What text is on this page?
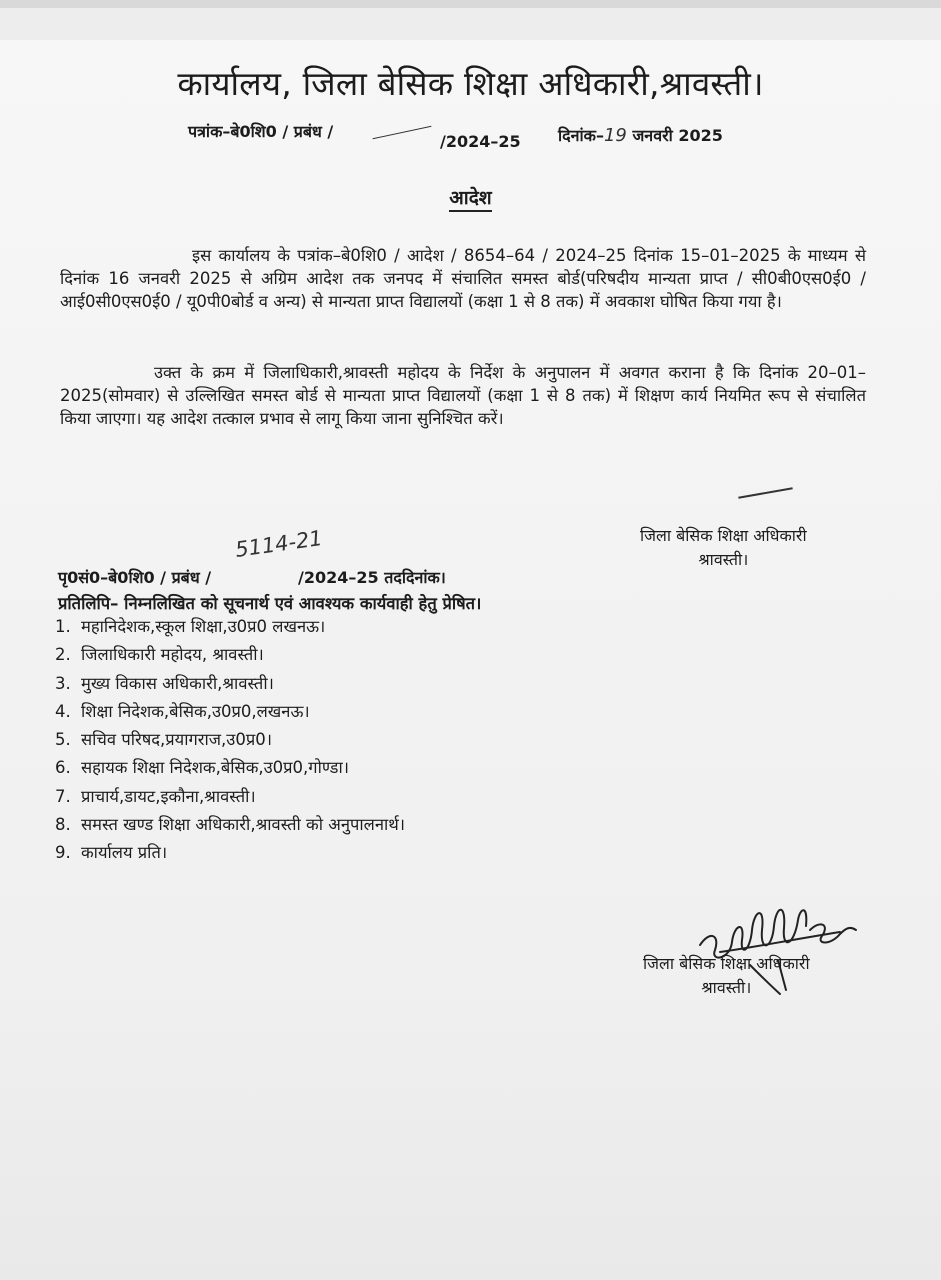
कार्यालय, जिला बेसिक शिक्षा अधिकारी,श्रावस्ती।
पत्रांक–बे0शि0 / प्रबंध /
/2024–25 दिनांक–19 जनवरी 2025
आदेश

इस कार्यालय के पत्रांक–बे0शि0 / आदेश / 8654–64 / 2024–25 दिनांक 15–01–2025 के माध्यम से दिनांक 16 जनवरी 2025 से अग्रिम आदेश तक जनपद में संचालित समस्त बोर्ड(परिषदीय मान्यता प्राप्त / सी0बी0एस0ई0 / आई0सी0एस0ई0 / यू0पी0बोर्ड व अन्य) से मान्यता प्राप्त विद्यालयों (कक्षा 1 से 8 तक) में अवकाश घोषित किया गया है।

उक्त के क्रम में जिलाधिकारी,श्रावस्ती महोदय के निर्देश के अनुपालन में अवगत कराना है कि दिनांक 20–01–2025(सोमवार) से उल्लिखित समस्त बोर्ड से मान्यता प्राप्त विद्यालयों (कक्षा 1 से 8 तक) में शिक्षण कार्य नियमित रूप से संचालित किया जाएगा। यह आदेश तत्काल प्रभाव से लागू किया जाना सुनिश्चित करें।

जिला बेसिक शिक्षा अधिकारी
श्रावस्ती।
5114-21
पृ0सं0–बे0शि0 / प्रबंध /	/2024–25 तददिनांक।
प्रतिलिपि– निम्नलिखित को सूचनार्थ एवं आवश्यक कार्यवाही हेतु प्रेषित।
1. महानिदेशक,स्कूल शिक्षा,उ0प्र0 लखनऊ।
2. जिलाधिकारी महोदय, श्रावस्ती।
3. मुख्य विकास अधिकारी,श्रावस्ती।
4. शिक्षा निदेशक,बेसिक,उ0प्र0,लखनऊ।
5. सचिव परिषद,प्रयागराज,उ0प्र0।
6. सहायक शिक्षा निदेशक,बेसिक,उ0प्र0,गोण्डा।
7. प्राचार्य,डायट,इकौना,श्रावस्ती।
8. समस्त खण्ड शिक्षा अधिकारी,श्रावस्ती को अनुपालनार्थ।
9. कार्यालय प्रति।
जिला बेसिक शिक्षा अधिकारी
श्रावस्ती।
